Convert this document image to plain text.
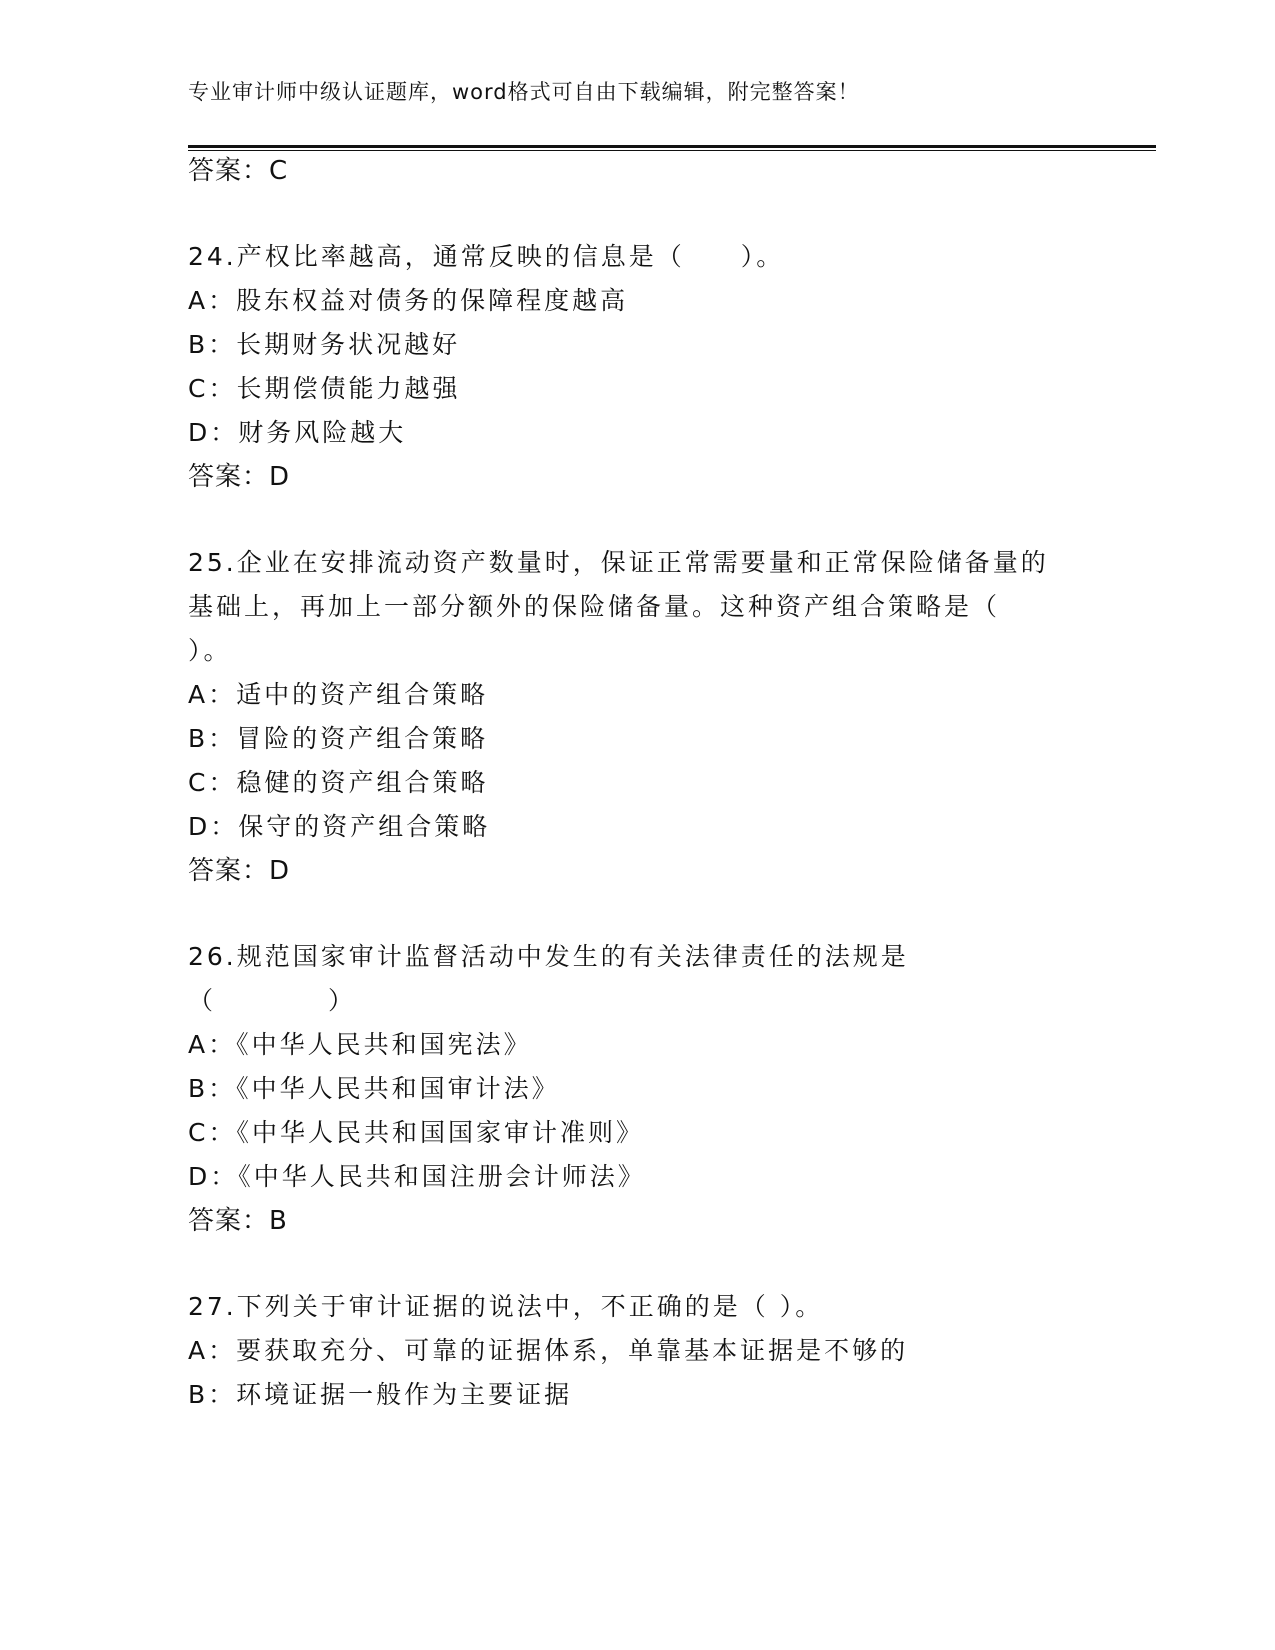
专业审计师中级认证题库，word格式可自由下载编辑，附完整答案！
答案：C
24.产权比率越高，通常反映的信息是（　　）。
A：股东权益对债务的保障程度越高
B：长期财务状况越好
C：长期偿债能力越强
D：财务风险越大
答案：D
25.企业在安排流动资产数量时，保证正常需要量和正常保险储备量的
基础上，再加上一部分额外的保险储备量。这种资产组合策略是（
）。
A：适中的资产组合策略
B：冒险的资产组合策略
C：稳健的资产组合策略
D：保守的资产组合策略
答案：D
26.规范国家审计监督活动中发生的有关法律责任的法规是
（　　　　）
A：《中华人民共和国宪法》
B：《中华人民共和国审计法》
C：《中华人民共和国国家审计准则》
D：《中华人民共和国注册会计师法》
答案：B
27.下列关于审计证据的说法中，不正确的是（ ）。
A：要获取充分、可靠的证据体系，单靠基本证据是不够的
B：环境证据一般作为主要证据
